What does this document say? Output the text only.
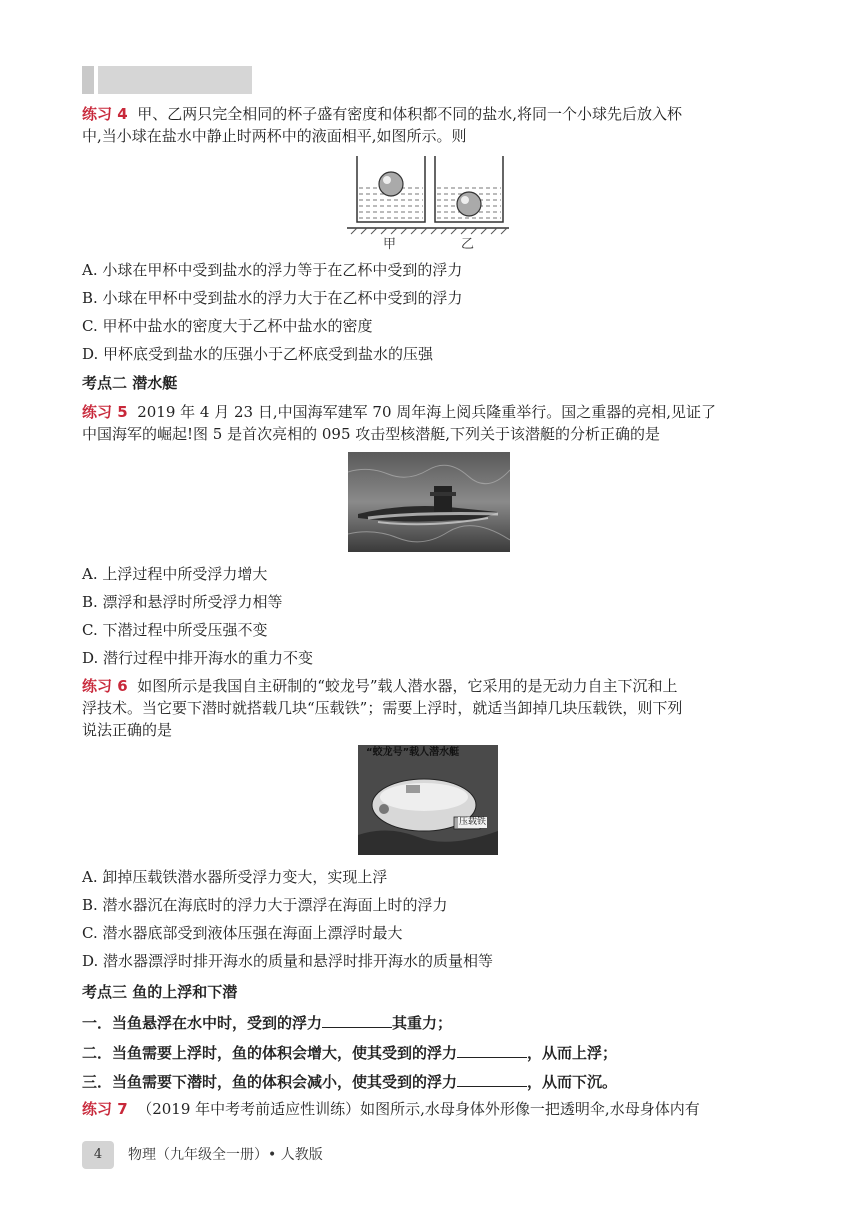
练习 4 甲、乙两只完全相同的杯子盛有密度和体积都不同的盐水,将同一个小球先后放入杯
中,当小球在盐水中静止时两杯中的液面相平,如图所示。则
甲	乙
A. 小球在甲杯中受到盐水的浮力等于在乙杯中受到的浮力
B. 小球在甲杯中受到盐水的浮力大于在乙杯中受到的浮力
C. 甲杯中盐水的密度大于乙杯中盐水的密度
D. 甲杯底受到盐水的压强小于乙杯底受到盐水的压强
考点二 潜水艇
练习 5 2019 年 4 月 23 日,中国海军建军 70 周年海上阅兵隆重举行。国之重器的亮相,见证了
中国海军的崛起!图 5 是首次亮相的 095 攻击型核潜艇,下列关于该潜艇的分析正确的是
A. 上浮过程中所受浮力增大
B. 漂浮和悬浮时所受浮力相等
C. 下潜过程中所受压强不变
D. 潜行过程中排开海水的重力不变
练习 6 如图所示是我国自主研制的“蛟龙号”载人潜水器，它采用的是无动力自主下沉和上
浮技术。当它要下潜时就搭载几块“压载铁”；需要上浮时，就适当卸掉几块压载铁，则下列
说法正确的是
“蛟龙号”载人潜水艇
压载铁
A. 卸掉压载铁潜水器所受浮力变大，实现上浮
B. 潜水器沉在海底时的浮力大于漂浮在海面上时的浮力
C. 潜水器底部受到液体压强在海面上漂浮时最大
D. 潜水器漂浮时排开海水的质量和悬浮时排开海水的质量相等
考点三 鱼的上浮和下潜
一．当鱼悬浮在水中时，受到的浮力	其重力；
二．当鱼需要上浮时，鱼的体积会增大，使其受到的浮力	，从而上浮；
三．当鱼需要下潜时，鱼的体积会减小，使其受到的浮力	，从而下沉。
练习 7 （2019 年中考考前适应性训练）如图所示,水母身体外形像一把透明伞,水母身体内有
4	物理（九年级全一册）• 人教版
